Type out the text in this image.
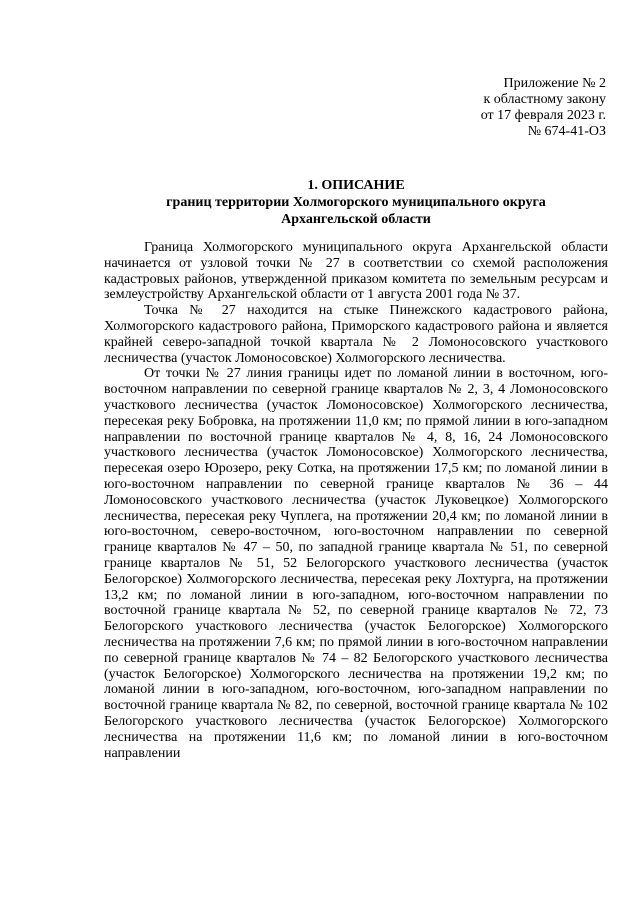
Приложение № 2
к областному закону
от 17 февраля 2023 г.
№ 674-41-ОЗ
1. ОПИСАНИЕ
границ территории Холмогорского муниципального округа
Архангельской области

Граница Холмогорского муниципального округа Архангельской области начинается от узловой точки № 27 в соответствии со схемой расположения кадастровых районов, утвержденной приказом комитета по земельным ресурсам и землеустройству Архангельской области от 1 августа 2001 года № 37.

Точка № 27 находится на стыке Пинежского кадастрового района, Холмогорского кадастрового района, Приморского кадастрового района и является крайней северо-западной точкой квартала № 2 Ломоносовского участкового лесничества (участок Ломоносовское) Холмогорского лесничества.

От точки № 27 линия границы идет по ломаной линии в восточном, юго-восточном направлении по северной границе кварталов № 2, 3, 4 Ломоносовского участкового лесничества (участок Ломоносовское) Холмогорского лесничества, пересекая реку Бобровка, на протяжении 11,0 км; по прямой линии в юго-западном направлении по восточной границе кварталов № 4, 8, 16, 24 Ломоносовского участкового лесничества (участок Ломоносовское) Холмогорского лесничества, пересекая озеро Юрозеро, реку Сотка, на протяжении 17,5 км; по ломаной линии в юго-восточном направлении по северной границе кварталов № 36 – 44 Ломоносовского участкового лесничества (участок Луковецкое) Холмогорского лесничества, пересекая реку Чуплега, на протяжении 20,4 км; по ломаной линии в юго-восточном, северо-восточном, юго-восточном направлении по северной границе кварталов № 47 – 50, по западной границе квартала № 51, по северной границе кварталов № 51, 52 Белогорского участкового лесничества (участок Белогорское) Холмогорского лесничества, пересекая реку Лохтурга, на протяжении 13,2 км; по ломаной линии в юго-западном, юго-восточном направлении по восточной границе квартала № 52, по северной границе кварталов № 72, 73 Белогорского участкового лесничества (участок Белогорское) Холмогорского лесничества на протяжении 7,6 км; по прямой линии в юго-восточном направлении по северной границе кварталов № 74 – 82 Белогорского участкового лесничества (участок Белогорское) Холмогорского лесничества на протяжении 19,2 км; по ломаной линии в юго-западном, юго-восточном, юго-западном направлении по восточной границе квартала № 82, по северной, восточной границе квартала № 102 Белогорского участкового лесничества (участок Белогорское) Холмогорского лесничества на протяжении 11,6 км; по ломаной линии в юго-восточном направлении
